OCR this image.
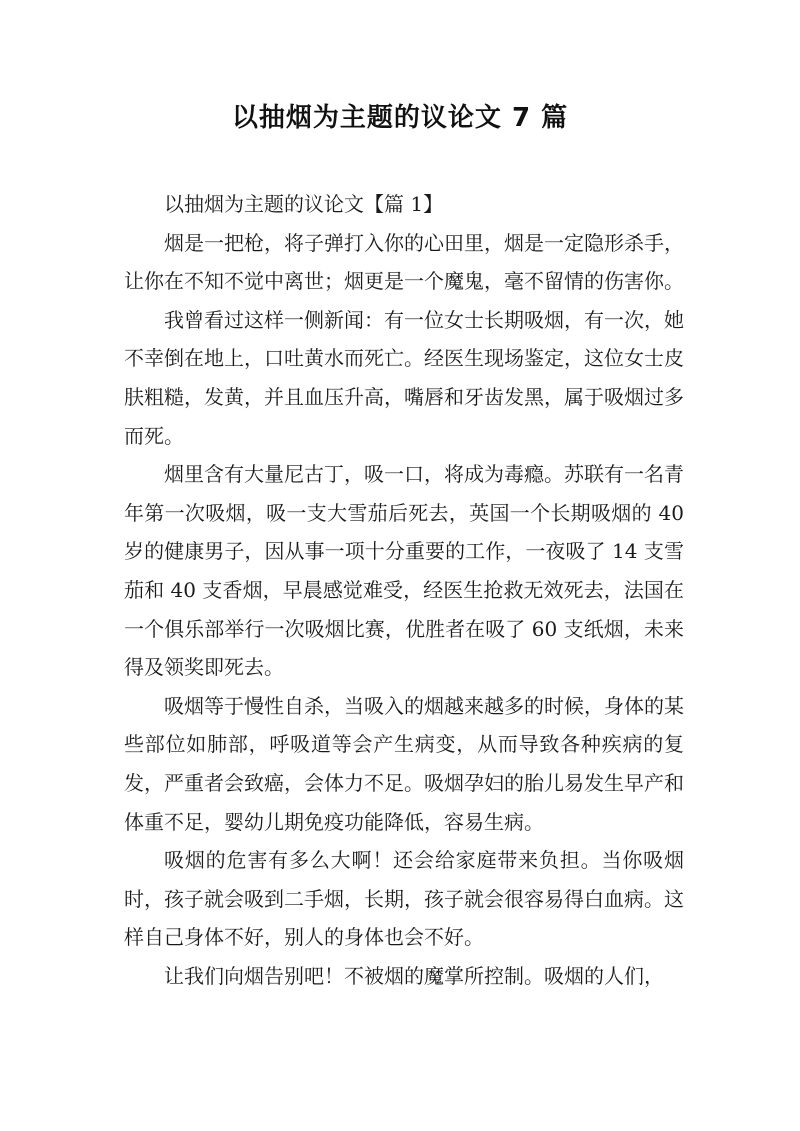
以抽烟为主题的议论文 7 篇

以抽烟为主题的议论文【篇 1】

烟是一把枪，将子弹打入你的心田里，烟是一定隐形杀手，让你在不知不觉中离世；烟更是一个魔鬼，毫不留情的伤害你。

我曾看过这样一侧新闻：有一位女士长期吸烟，有一次，她不幸倒在地上，口吐黄水而死亡。经医生现场鉴定，这位女士皮肤粗糙，发黄，并且血压升高，嘴唇和牙齿发黑，属于吸烟过多而死。

烟里含有大量尼古丁，吸一口，将成为毒瘾。苏联有一名青年第一次吸烟，吸一支大雪茄后死去，英国一个长期吸烟的 40 岁的健康男子，因从事一项十分重要的工作，一夜吸了 14 支雪茄和 40 支香烟，早晨感觉难受，经医生抢救无效死去，法国在一个俱乐部举行一次吸烟比赛，优胜者在吸了 60 支纸烟，未来得及领奖即死去。

吸烟等于慢性自杀，当吸入的烟越来越多的时候，身体的某些部位如肺部，呼吸道等会产生病变，从而导致各种疾病的复发，严重者会致癌，会体力不足。吸烟孕妇的胎儿易发生早产和体重不足，婴幼儿期免疫功能降低，容易生病。

吸烟的危害有多么大啊！还会给家庭带来负担。当你吸烟时，孩子就会吸到二手烟，长期，孩子就会很容易得白血病。这样自己身体不好，别人的身体也会不好。

让我们向烟告别吧！不被烟的魔掌所控制。吸烟的人们，
